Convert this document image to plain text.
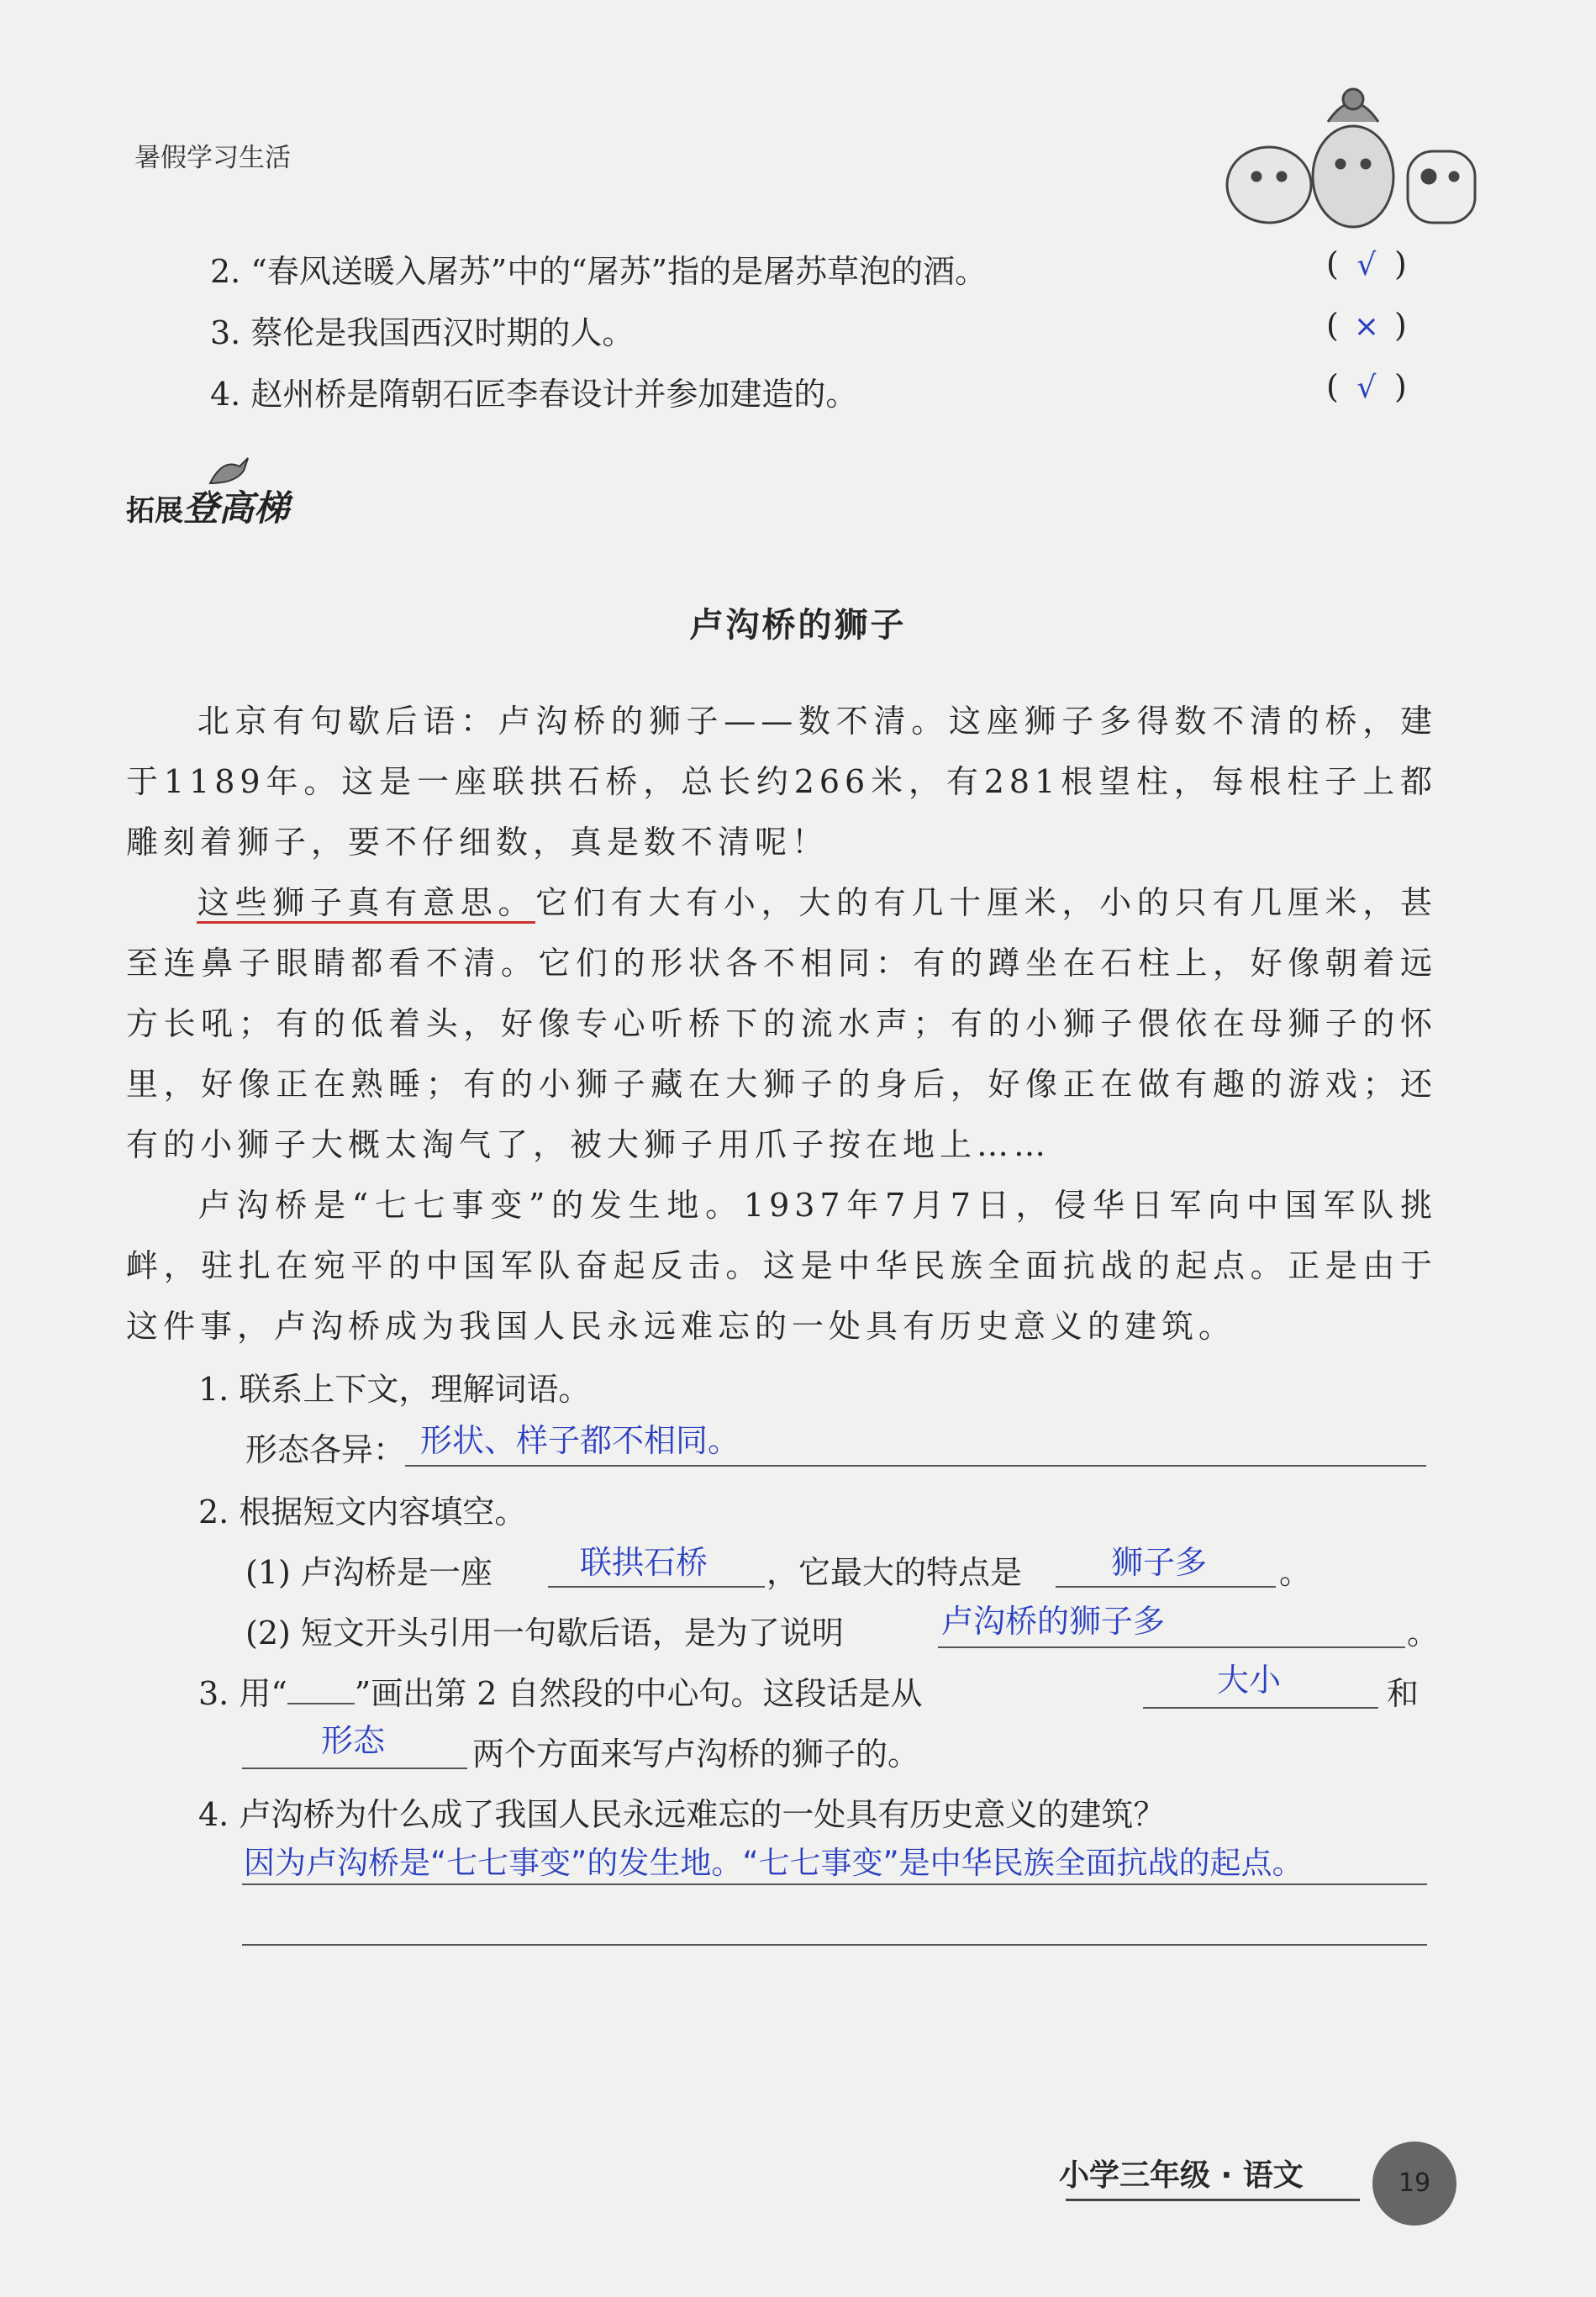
暑假学习生活
2. “春风送暖入屠苏”中的“屠苏”指的是屠苏草泡的酒。	( √ )
3. 蔡伦是我国西汉时期的人。	( × )
4. 赵州桥是隋朝石匠李春设计并参加建造的。	( √ )
拓展登高梯
卢沟桥的狮子
北京有句歇后语：卢沟桥的狮子——数不清。这座狮子多得数不清的桥，建于1189年。这是一座联拱石桥，总长约266米，有281根望柱，每根柱子上都雕刻着狮子，要不仔细数，真是数不清呢！
这些狮子真有意思。它们有大有小，大的有几十厘米，小的只有几厘米，甚至连鼻子眼睛都看不清。它们的形状各不相同：有的蹲坐在石柱上，好像朝着远方长吼；有的低着头，好像专心听桥下的流水声；有的小狮子偎依在母狮子的怀里，好像正在熟睡；有的小狮子藏在大狮子的身后，好像正在做有趣的游戏；还有的小狮子大概太淘气了，被大狮子用爪子按在地上……
卢沟桥是“七七事变”的发生地。1937年7月7日，侵华日军向中国军队挑衅，驻扎在宛平的中国军队奋起反击。这是中华民族全面抗战的起点。正是由于这件事，卢沟桥成为我国人民永远难忘的一处具有历史意义的建筑。
1. 联系上下文，理解词语。
形态各异： 形状、样子都不相同。
2. 根据短文内容填空。
(1) 卢沟桥是一座	联拱石桥 ，它最大的特点是	狮子多 。
(2) 短文开头引用一句歇后语，是为了说明	卢沟桥的狮子多	。
3. 用“ ”画出第 2 自然段的中心句。这段话是从	大小	和
形态	两个方面来写卢沟桥的狮子的。
4. 卢沟桥为什么成了我国人民永远难忘的一处具有历史意义的建筑？
因为卢沟桥是“七七事变”的发生地。“七七事变”是中华民族全面抗战的起点。
小学三年级 · 语文	19
